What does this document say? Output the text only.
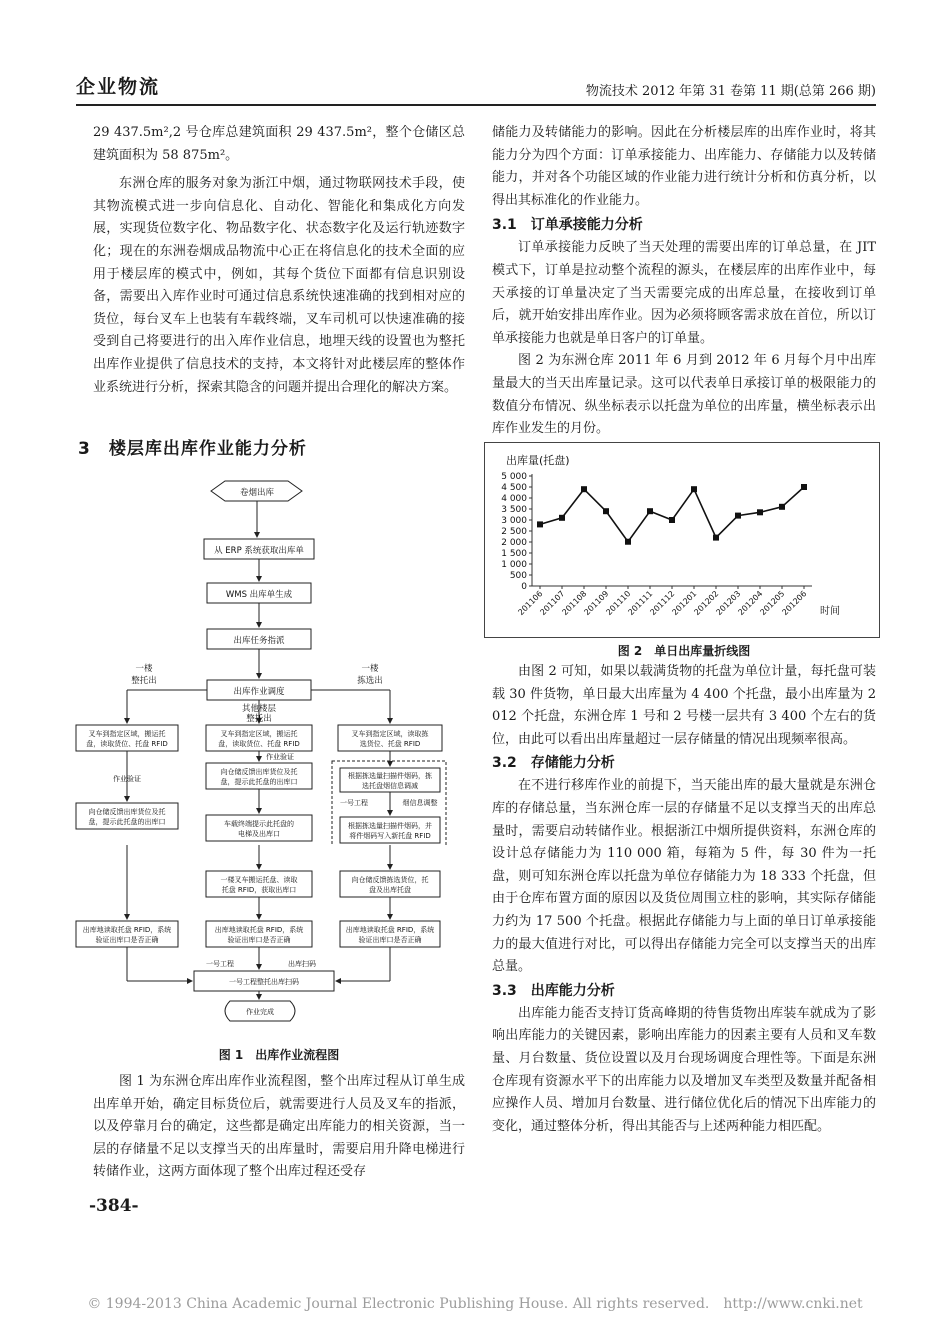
企业物流	物流技术 2012 年第 31 卷第 11 期(总第 266 期)

29 437.5m²,2 号仓库总建筑面积 29 437.5m²，整个仓储区总建筑面积为 58 875m²。

东洲仓库的服务对象为浙江中烟，通过物联网技术手段，使其物流模式进一步向信息化、自动化、智能化和集成化方向发展，实现货位数字化、物品数字化、状态数字化及运行轨迹数字化；现在的东洲卷烟成品物流中心正在将信息化的技术全面的应用于楼层库的模式中，例如，其每个货位下面都有信息识别设备，需要出入库作业时可通过信息系统快速准确的找到相对应的货位，每台叉车上也装有车载终端，叉车司机可以快速准确的接受到自己将要进行的出入库作业信息，地埋天线的设置也为整托出库作业提供了信息技术的支持，本文将针对此楼层库的整体作业系统进行分析，探索其隐含的问题并提出合理化的解决方案。

3　楼层库出库作业能力分析
卷烟出库
从 ERP 系统获取出库单
WMS 出库单生成
出库任务指派
出库作业调度
一楼
整托出
一楼
拣选出
其他楼层
整托出
叉车到指定区域，搬运托
盘，读取货位、托盘 RFID
叉车到指定区域，搬运托
盘，读取货位、托盘 RFID
叉车到指定区域，读取拣
选货位、托盘 RFID
作业验证
作业验证
向仓储反馈出库货位及托
盘，提示此托盘的出库口
根据拣选量扫描件烟码，拣
选托盘烟信息调减
一号工程	烟信息调整
向仓储反馈出库货位及托
盘，提示此托盘的出库口	车载终端提示此托盘的
电梯及出库口
根据拣选量扫描件烟码，并
将件烟码写入新托盘 RFID
一楼叉车搬运托盘、读取
托盘 RFID，获取出库口
向仓储反馈拣选货位，托
盘及出库托盘
出库地读取托盘 RFID，系统
验证出库口是否正确
出库地读取托盘 RFID，系统
验证出库口是否正确
出库地读取托盘 RFID，系统
验证出库口是否正确
一号工程	出库扫码
一号工程整托出库扫码
作业完成
图 1　出库作业流程图

图 1 为东洲仓库出库作业流程图，整个出库过程从订单生成出库单开始，确定目标货位后，就需要进行人员及叉车的指派，以及停靠月台的确定，这些都是确定出库能力的相关资源，当一层的存储量不足以支撑当天的出库量时，需要启用升降电梯进行转储作业，这两方面体现了整个出库过程还受存

-384-

储能力及转储能力的影响。因此在分析楼层库的出库作业时，将其能力分为四个方面：订单承接能力、出库能力、存储能力以及转储能力，并对各个功能区域的作业能力进行统计分析和仿真分析，以得出其标准化的作业能力。

3.1　订单承接能力分析

订单承接能力反映了当天处理的需要出库的订单总量，在 JIT 模式下，订单是拉动整个流程的源头，在楼层库的出库作业中，每天承接的订单量决定了当天需要完成的出库总量，在接收到订单后，就开始安排出库作业。因为必须将顾客需求放在首位，所以订单承接能力也就是单日客户的订单量。

图 2 为东洲仓库 2011 年 6 月到 2012 年 6 月每个月中出库量最大的当天出库量记录。这可以代表单日承接订单的极限能力的数值分布情况、纵坐标表示以托盘为单位的出库量，横坐标表示出库作业发生的月份。

出库量(托盘)
时间
0
500
1 000
1 500
2 000
2 500
3 000
3 500
4 000
4 500
5 000
201106
201107
201108
201109
201110
201111
201112
201201
201202
201203
201204
201205
201206
图 2　单日出库量折线图

由图 2 可知，如果以载满货物的托盘为单位计量，每托盘可装载 30 件货物，单日最大出库量为 4 400 个托盘，最小出库量为 2 012 个托盘，东洲仓库 1 号和 2 号楼一层共有 3 400 个左右的货位，由此可以看出出库量超过一层存储量的情况出现频率很高。

3.2　存储能力分析

在不进行移库作业的前提下，当天能出库的最大量就是东洲仓库的存储总量，当东洲仓库一层的存储量不足以支撑当天的出库总量时，需要启动转储作业。根据浙江中烟所提供资料，东洲仓库的设计总存储能力为 110 000 箱，每箱为 5 件，每 30 件为一托盘，则可知东洲仓库以托盘为单位存储能力为 18 333 个托盘，但由于仓库布置方面的原因以及货位周围立柱的影响，其实际存储能力约为 17 500 个托盘。根据此存储能力与上面的单日订单承接能力的最大值进行对比，可以得出存储能力完全可以支撑当天的出库总量。

3.3　出库能力分析

出库能力能否支持订货高峰期的待售货物出库装车就成为了影响出库能力的关键因素，影响出库能力的因素主要有人员和叉车数量、月台数量、货位设置以及月台现场调度合理性等。下面是东洲仓库现有资源水平下的出库能力以及增加叉车类型及数量并配备相应操作人员、增加月台数量、进行储位优化后的情况下出库能力的变化，通过整体分析，得出其能否与上述两种能力相匹配。

© 1994-2013 China Academic Journal Electronic Publishing House. All rights reserved.　http://www.cnki.net
